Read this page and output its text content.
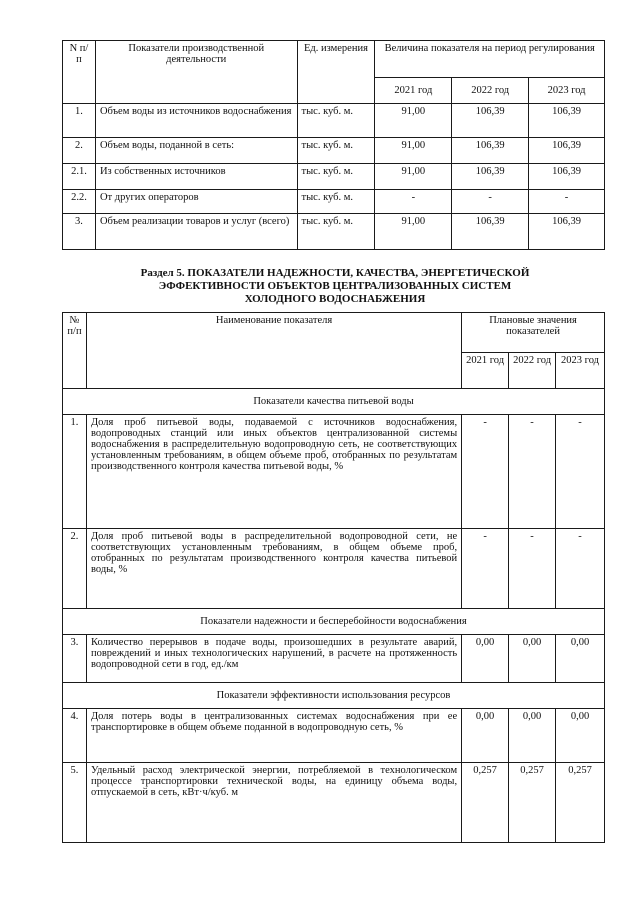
N п/п	Показатели производственной деятельности	Ед. измерения	Величина показателя на период регулирования		
			2021 год	2022 год	2023 год
1.	Объем воды из источников водоснабжения	тыс. куб. м.	91,00	106,39	106,39
2.	Объем воды, поданной в сеть:	тыс. куб. м.	91,00	106,39	106,39
2.1.	Из собственных источников	тыс. куб. м.	91,00	106,39	106,39
2.2.	От других операторов	тыс. куб. м.	-	-	-
3.	Объем реализации товаров и услуг (всего)	тыс. куб. м.	91,00	106,39	106,39
Раздел 5. ПОКАЗАТЕЛИ НАДЕЖНОСТИ, КАЧЕСТВА, ЭНЕРГЕТИЧЕСКОЙ
ЭФФЕКТИВНОСТИ ОБЪЕКТОВ ЦЕНТРАЛИЗОВАННЫХ СИСТЕМ
ХОЛОДНОГО ВОДОСНАБЖЕНИЯ
№ п/п	Наименование показателя	Плановые значения показателей		
		2021 год	2022 год	2023 год
Показатели качества питьевой воды				
1.	Доля проб питьевой воды, подаваемой с источников водоснабжения, водопроводных станций или иных объектов централизованной системы водоснабжения в распределительную водопроводную сеть, не соответствующих установленным требованиям, в общем объеме проб, отобранных по результатам производственного контроля качества питьевой воды, %	-	-	-
2.	Доля проб питьевой воды в распределительной водопроводной сети, не соответствующих установленным требованиям, в общем объеме проб, отобранных по результатам производственного контроля качества питьевой воды, %	-	-	-
Показатели надежности и бесперебойности водоснабжения				
3.	Количество перерывов в подаче воды, произошедших в результате аварий, повреждений и иных технологических нарушений, в расчете на протяженность водопроводной сети в год, ед./км	0,00	0,00	0,00
Показатели эффективности использования ресурсов				
4.	Доля потерь воды в централизованных системах водоснабжения при ее транспортировке в общем объеме поданной в водопроводную сеть, %	0,00	0,00	0,00
5.	Удельный расход электрической энергии, потребляемой в технологическом процессе транспортировки технической воды, на единицу объема воды, отпускаемой в сеть, кВт·ч/куб. м	0,257	0,257	0,257
